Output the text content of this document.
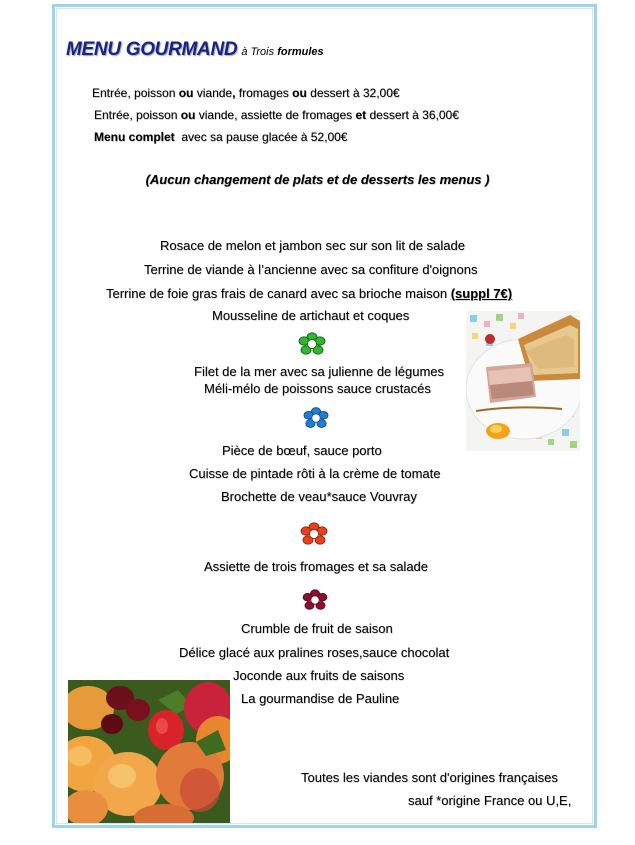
MENU GOURMAND à Trois formules
Entrée, poisson ou viande, fromages ou dessert à 32,00€
Entrée, poisson ou viande, assiette de fromages et dessert à 36,00€
Menu complet  avec sa pause glacée à 52,00€
(Aucun changement de plats et de desserts les menus )
Rosace de melon et jambon sec sur son lit de salade
Terrine de viande à l’ancienne avec sa confiture d'oignons
Terrine de foie gras frais de canard avec sa brioche maison (suppl 7€)
Mousseline de artichaut et coques
Filet de la mer avec sa julienne de légumes
Méli-mélo de poissons sauce crustacés
Pièce de bœuf, sauce porto
Cuisse de pintade rôti à la crème de tomate
Brochette de veau*sauce Vouvray
Assiette de trois fromages et sa salade
Crumble de fruit de saison
Délice glacé aux pralines roses,sauce chocolat
Joconde aux fruits de saisons
La gourmandise de Pauline
Toutes les viandes sont d'origines françaises
sauf *origine France ou U,E,
